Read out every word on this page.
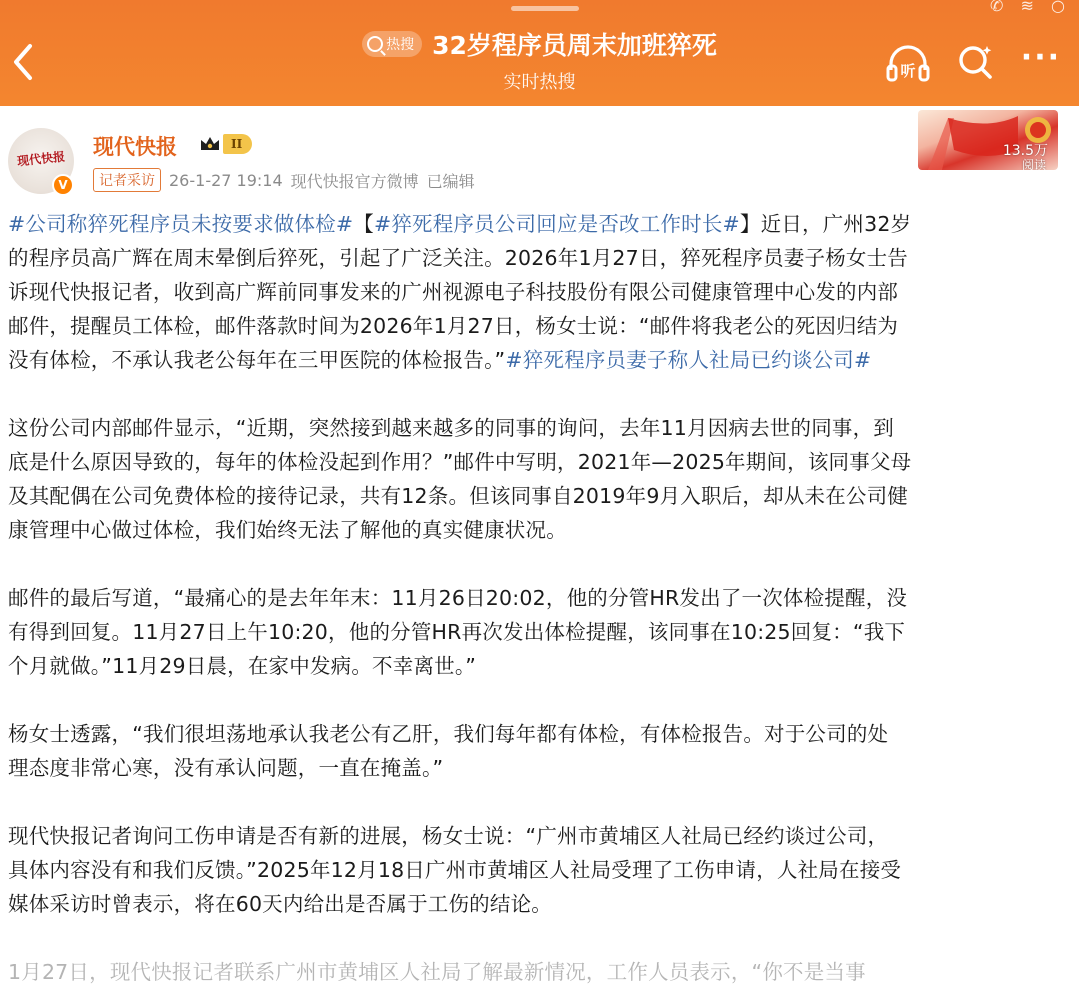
✆ ≋ ○
热搜 32岁程序员周末加班猝死
实时热搜
听	···
现代快报
V
现代快报	II
记者采访 26-1-27 19:14 现代快报官方微博 已编辑
13.5万
阅读
#公司称猝死程序员未按要求做体检#【#猝死程序员公司回应是否改工作时长#】近日，广州32岁
的程序员高广辉在周末晕倒后猝死，引起了广泛关注。2026年1月27日，猝死程序员妻子杨女士告
诉现代快报记者，收到高广辉前同事发来的广州视源电子科技股份有限公司健康管理中心发的内部
邮件，提醒员工体检，邮件落款时间为2026年1月27日，杨女士说：“邮件将我老公的死因归结为
没有体检，不承认我老公每年在三甲医院的体检报告。”#猝死程序员妻子称人社局已约谈公司#
这份公司内部邮件显示，“近期，突然接到越来越多的同事的询问，去年11月因病去世的同事，到
底是什么原因导致的，每年的体检没起到作用？”邮件中写明，2021年—2025年期间，该同事父母
及其配偶在公司免费体检的接待记录，共有12条。但该同事自2019年9月入职后，却从未在公司健
康管理中心做过体检，我们始终无法了解他的真实健康状况。
邮件的最后写道，“最痛心的是去年年末：11月26日20:02，他的分管HR发出了一次体检提醒，没
有得到回复。11月27日上午10:20，他的分管HR再次发出体检提醒，该同事在10:25回复：“我下
个月就做。”11月29日晨，在家中发病。不幸离世。”
杨女士透露，“我们很坦荡地承认我老公有乙肝，我们每年都有体检，有体检报告。对于公司的处
理态度非常心寒，没有承认问题，一直在掩盖。”
现代快报记者询问工伤申请是否有新的进展，杨女士说：“广州市黄埔区人社局已经约谈过公司，
具体内容没有和我们反馈。”2025年12月18日广州市黄埔区人社局受理了工伤申请，人社局在接受
媒体采访时曾表示，将在60天内给出是否属于工伤的结论。
1月27日，现代快报记者联系广州市黄埔区人社局了解最新情况，工作人员表示，“你不是当事
